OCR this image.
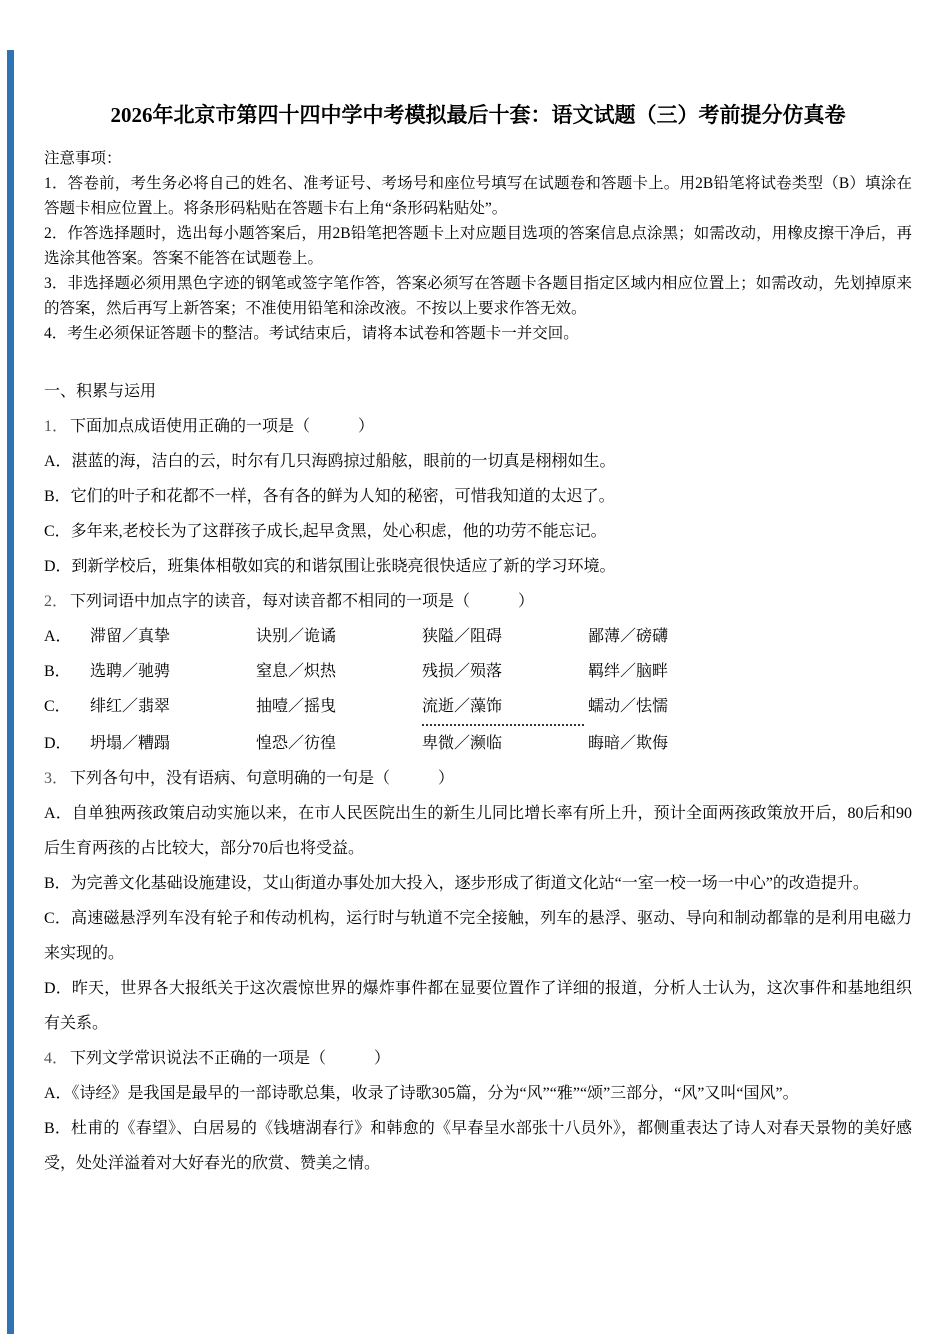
2026年北京市第四十四中学中考模拟最后十套：语文试题（三）考前提分仿真卷

注意事项：

1．答卷前，考生务必将自己的姓名、准考证号、考场号和座位号填写在试题卷和答题卡上。用2B铅笔将试卷类型（B）填涂在答题卡相应位置上。将条形码粘贴在答题卡右上角“条形码粘贴处”。

2．作答选择题时，选出每小题答案后，用2B铅笔把答题卡上对应题目选项的答案信息点涂黑；如需改动，用橡皮擦干净后，再选涂其他答案。答案不能答在试题卷上。

3．非选择题必须用黑色字迹的钢笔或签字笔作答，答案必须写在答题卡各题目指定区域内相应位置上；如需改动，先划掉原来的答案，然后再写上新答案；不准使用铅笔和涂改液。不按以上要求作答无效。

4．考生必须保证答题卡的整洁。考试结束后，请将本试卷和答题卡一并交回。

一、积累与运用

1． 下面加点成语使用正确的一项是（　　　）

A．湛蓝的海，洁白的云，时尔有几只海鸥掠过船舷，眼前的一切真是栩栩如生。

B．它们的叶子和花都不一样，各有各的鲜为人知的秘密，可惜我知道的太迟了。

C．多年来,老校长为了这群孩子成长,起早贪黑，处心积虑，他的功劳不能忘记。

D．到新学校后，班集体相敬如宾的和谐氛围让张晓亮很快适应了新的学习环境。

2． 下列词语中加点字的读音，每对读音都不相同的一项是（　　　）

A． 滞留／真挚	诀别／诡谲	狭隘／阻碍	鄙薄／磅礴

B． 选聘／驰骋	窒息／炽热	残损／殒落	羁绊／脑畔

C． 绯红／翡翠	抽噎／摇曳	流逝／藻饰	蠕动／怯懦

D． 坍塌／糟蹋	惶恐／彷徨	卑微／濒临	晦暗／欺侮

3． 下列各句中，没有语病、句意明确的一句是（　　　）

A．自单独两孩政策启动实施以来，在市人民医院出生的新生儿同比增长率有所上升，预计全面两孩政策放开后，80后和90后生育两孩的占比较大，部分70后也将受益。

B．为完善文化基础设施建设，艾山街道办事处加大投入，逐步形成了街道文化站“一室一校一场一中心”的改造提升。

C．高速磁悬浮列车没有轮子和传动机构，运行时与轨道不完全接触，列车的悬浮、驱动、导向和制动都靠的是利用电磁力来实现的。

D．昨天，世界各大报纸关于这次震惊世界的爆炸事件都在显要位置作了详细的报道，分析人士认为，这次事件和基地组织有关系。

4． 下列文学常识说法不正确的一项是（　　　）

A．《诗经》是我国是最早的一部诗歌总集，收录了诗歌305篇，分为“风”“雅”“颂”三部分，“风”又叫“国风”。

B．杜甫的《春望》、白居易的《钱塘湖春行》和韩愈的《早春呈水部张十八员外》，都侧重表达了诗人对春天景物的美好感受，处处洋溢着对大好春光的欣赏、赞美之情。
